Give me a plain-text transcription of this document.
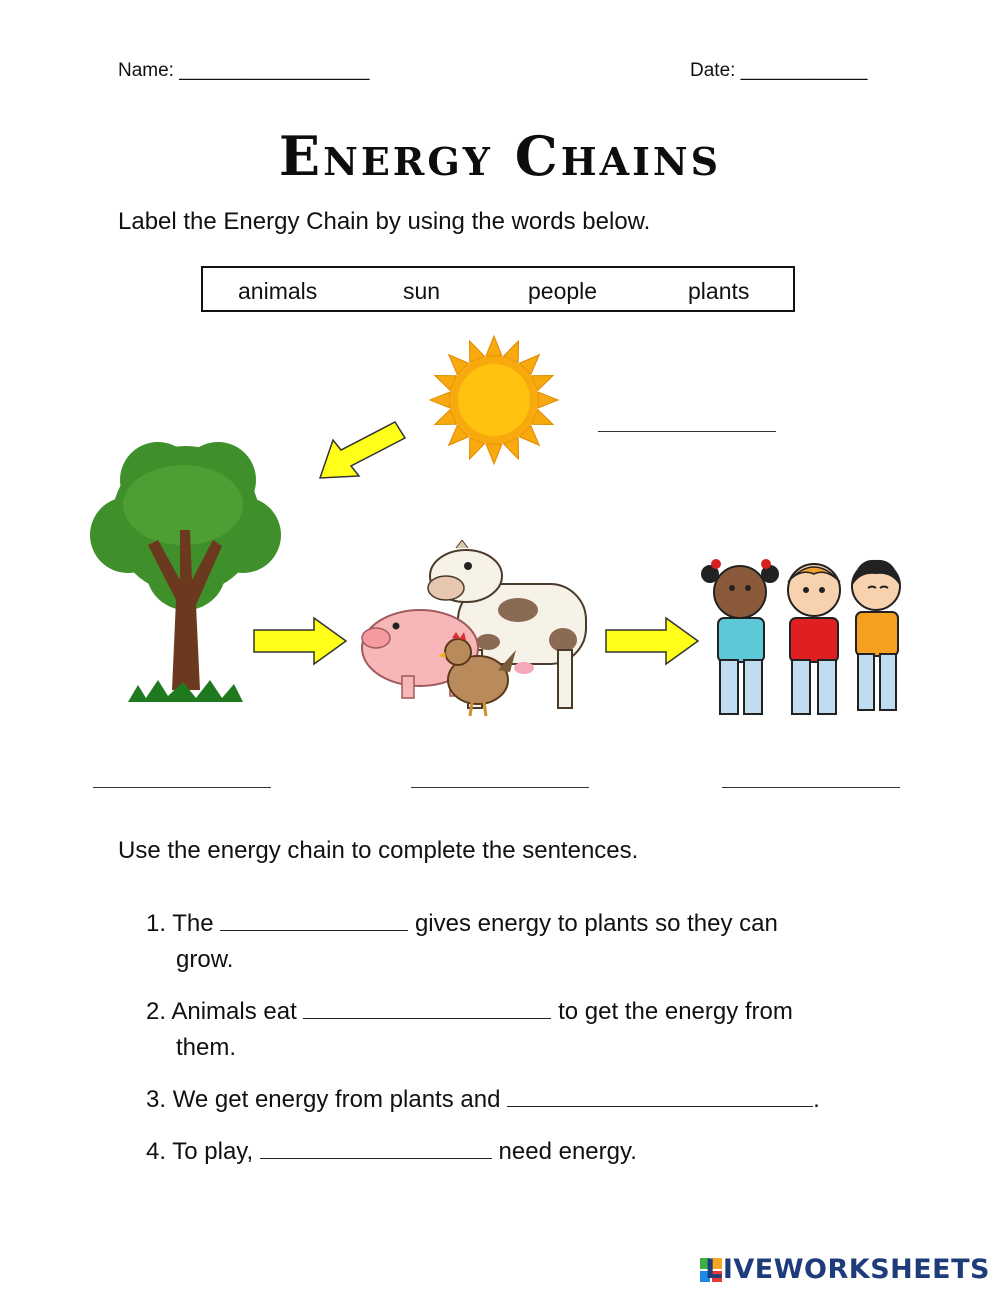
Name: __________________	Date: ____________
Energy Chains
Label the Energy Chain by using the words below.
animals	sun	people	plants
Use the energy chain to complete the sentences.
1. The	gives energy to plants so they can
grow.
2. Animals eat	to get the energy from
them.
3. We get energy from plants and	.
4. To play,	need energy.
LIVEWORKSHEETS
